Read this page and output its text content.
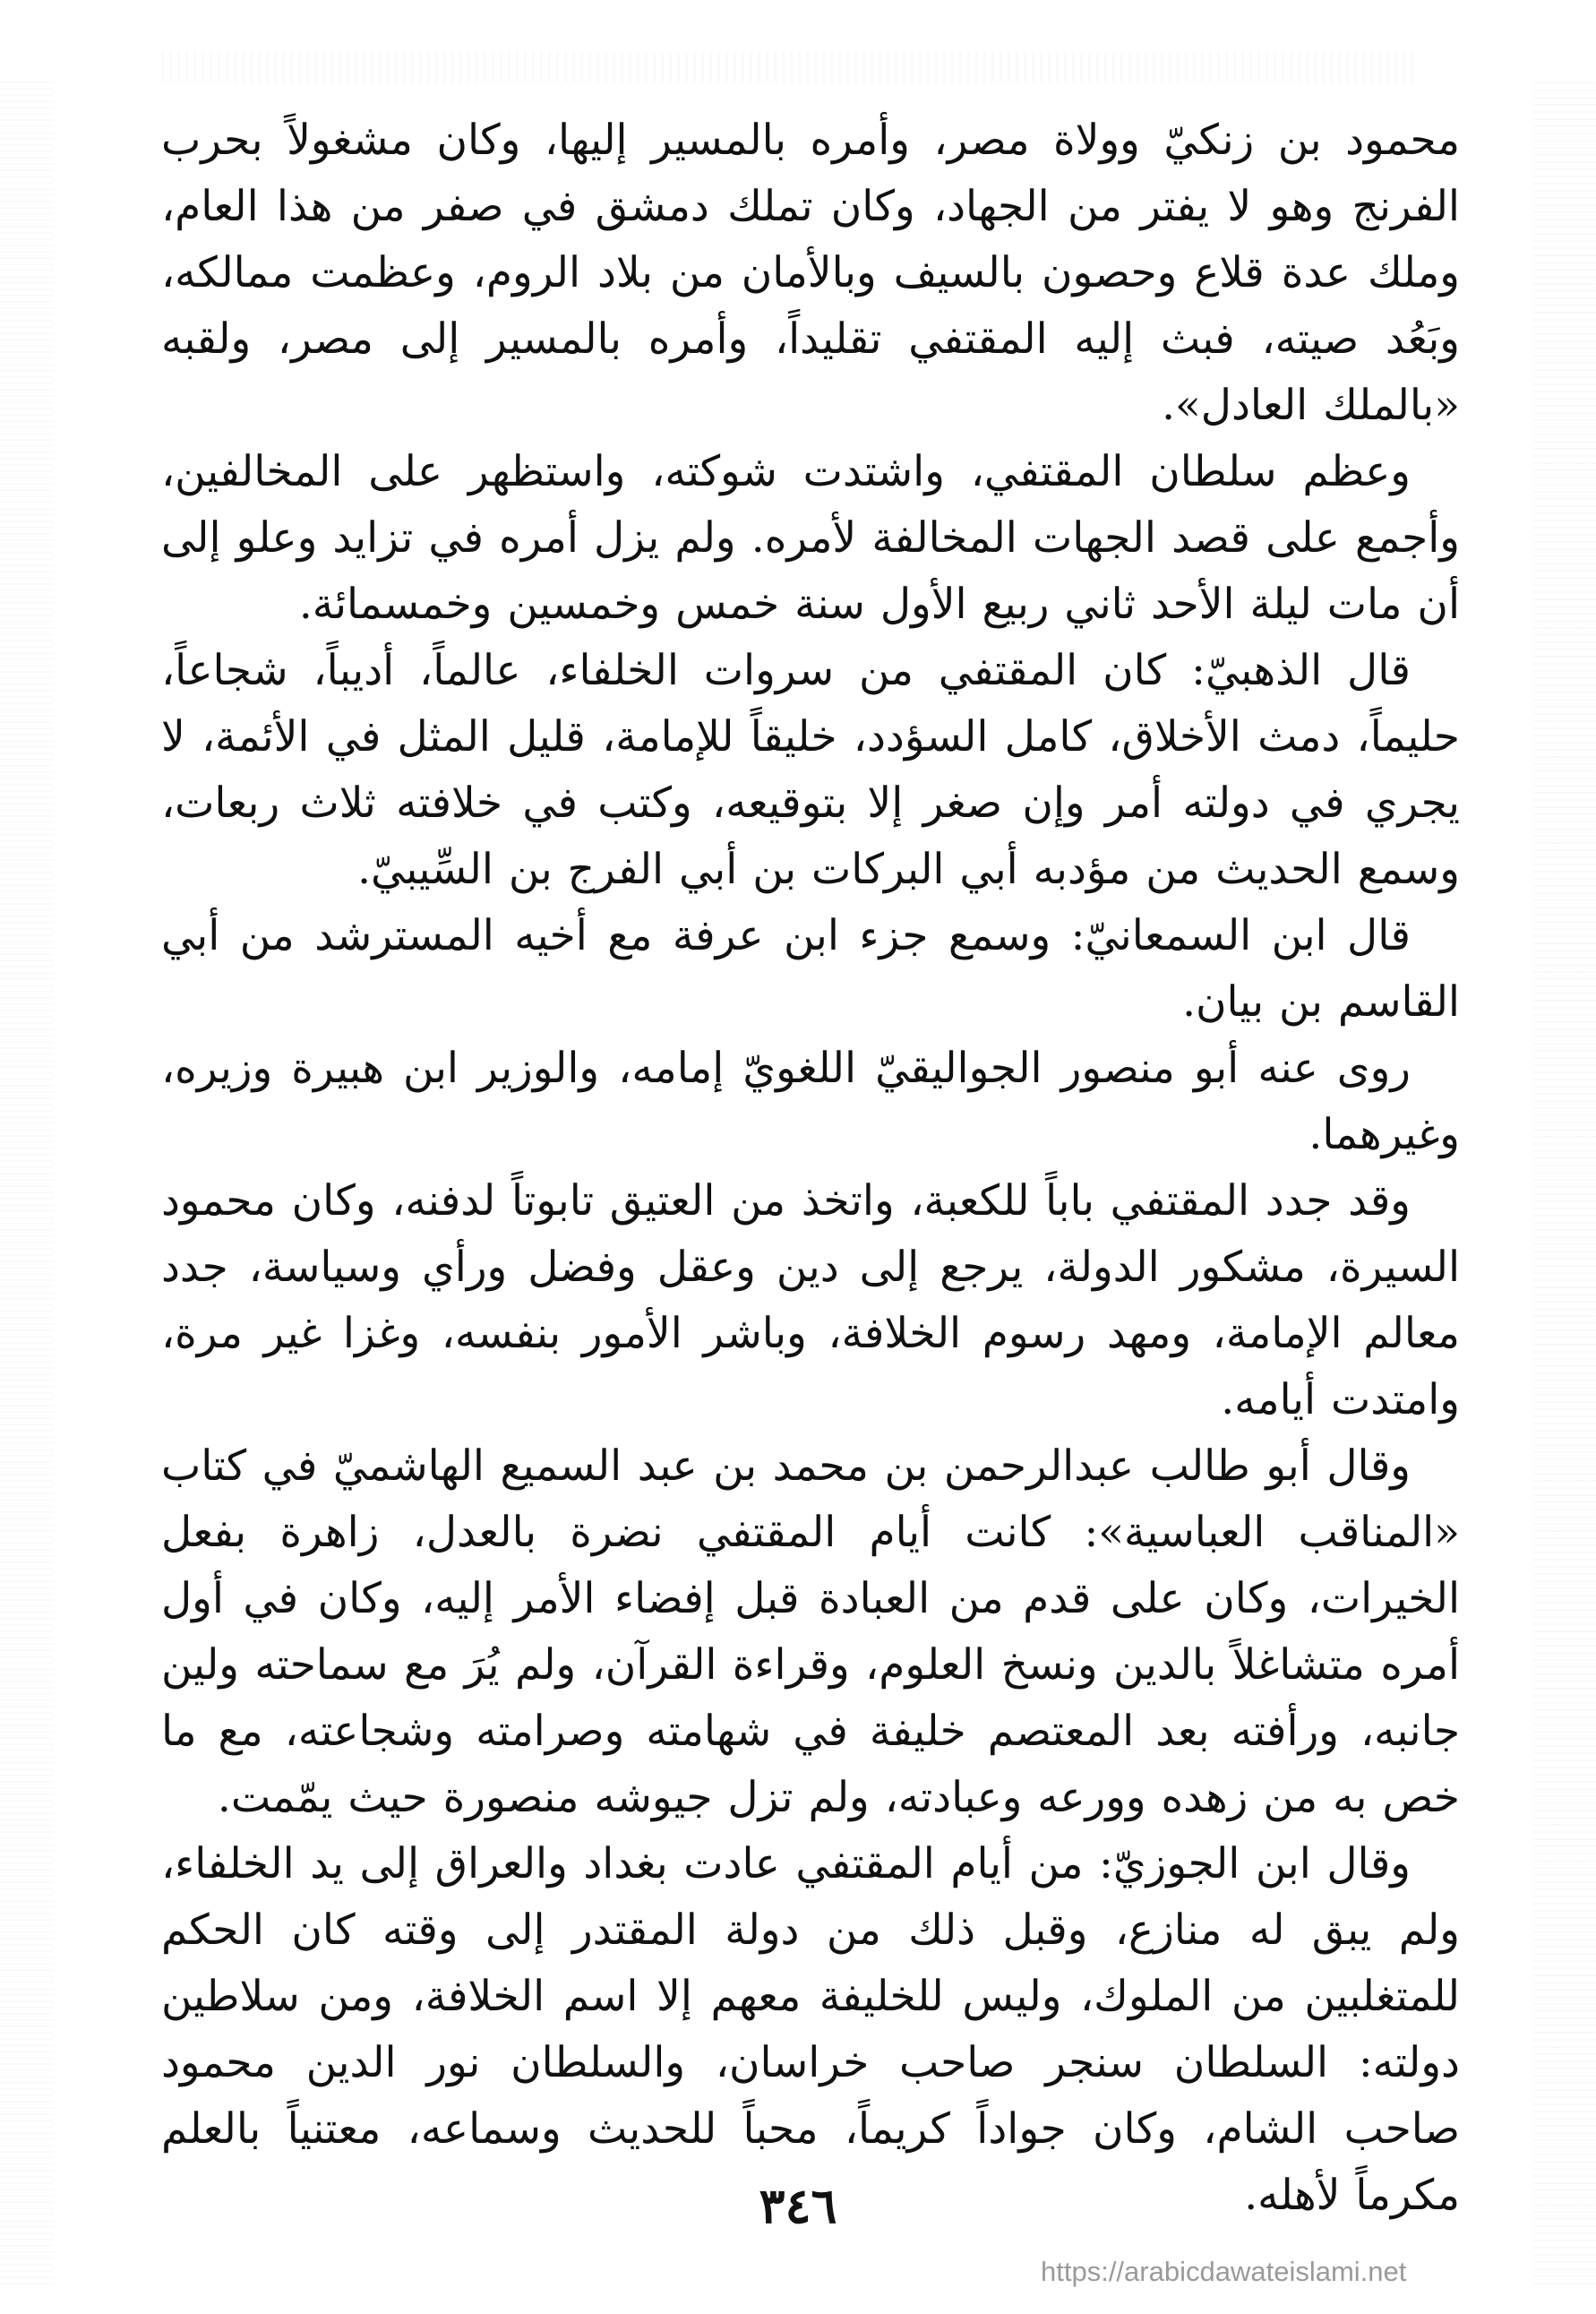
محمود بن زنكيّ وولاة مصر، وأمره بالمسير إليها، وكان مشغولاً بحرب الفرنج وهو لا يفتر من الجهاد، وكان تملك دمشق في صفر من هذا العام، وملك عدة قلاع وحصون بالسيف وبالأمان من بلاد الروم، وعظمت ممالكه، وبَعُد صيته، فبث إليه المقتفي تقليداً، وأمره بالمسير إلى مصر، ولقبه «بالملك العادل».

وعظم سلطان المقتفي، واشتدت شوكته، واستظهر على المخالفين، وأجمع على قصد الجهات المخالفة لأمره. ولم يزل أمره في تزايد وعلو إلى أن مات ليلة الأحد ثاني ربيع الأول سنة خمس وخمسين وخمسمائة.

قال الذهبيّ: كان المقتفي من سروات الخلفاء، عالماً، أديباً، شجاعاً، حليماً، دمث الأخلاق، كامل السؤدد، خليقاً للإمامة، قليل المثل في الأئمة، لا يجري في دولته أمر وإن صغر إلا بتوقيعه، وكتب في خلافته ثلاث ربعات، وسمع الحديث من مؤدبه أبي البركات بن أبي الفرج بن السِّيبيّ.

قال ابن السمعانيّ: وسمع جزء ابن عرفة مع أخيه المسترشد من أبي القاسم بن بيان.

روى عنه أبو منصور الجواليقيّ اللغويّ إمامه، والوزير ابن هبيرة وزيره، وغيرهما.

وقد جدد المقتفي باباً للكعبة، واتخذ من العتيق تابوتاً لدفنه، وكان محمود السيرة، مشكور الدولة، يرجع إلى دين وعقل وفضل ورأي وسياسة، جدد معالم الإمامة، ومهد رسوم الخلافة، وباشر الأمور بنفسه، وغزا غير مرة، وامتدت أيامه.

وقال أبو طالب عبدالرحمن بن محمد بن عبد السميع الهاشميّ في كتاب «المناقب العباسية»: كانت أيام المقتفي نضرة بالعدل، زاهرة بفعل الخيرات، وكان على قدم من العبادة قبل إفضاء الأمر إليه، وكان في أول أمره متشاغلاً بالدين ونسخ العلوم، وقراءة القرآن، ولم يُرَ مع سماحته ولين جانبه، ورأفته بعد المعتصم خليفة في شهامته وصرامته وشجاعته، مع ما خص به من زهده وورعه وعبادته، ولم تزل جيوشه منصورة حيث يمّمت.

وقال ابن الجوزيّ: من أيام المقتفي عادت بغداد والعراق إلى يد الخلفاء، ولم يبق له منازع، وقبل ذلك من دولة المقتدر إلى وقته كان الحكم للمتغلبين من الملوك، وليس للخليفة معهم إلا اسم الخلافة، ومن سلاطين دولته: السلطان سنجر صاحب خراسان، والسلطان نور الدين محمود صاحب الشام، وكان جواداً كريماً، محباً للحديث وسماعه، معتنياً بالعلم مكرماً لأهله.

٣٤٦
https://arabicdawateislami.net
